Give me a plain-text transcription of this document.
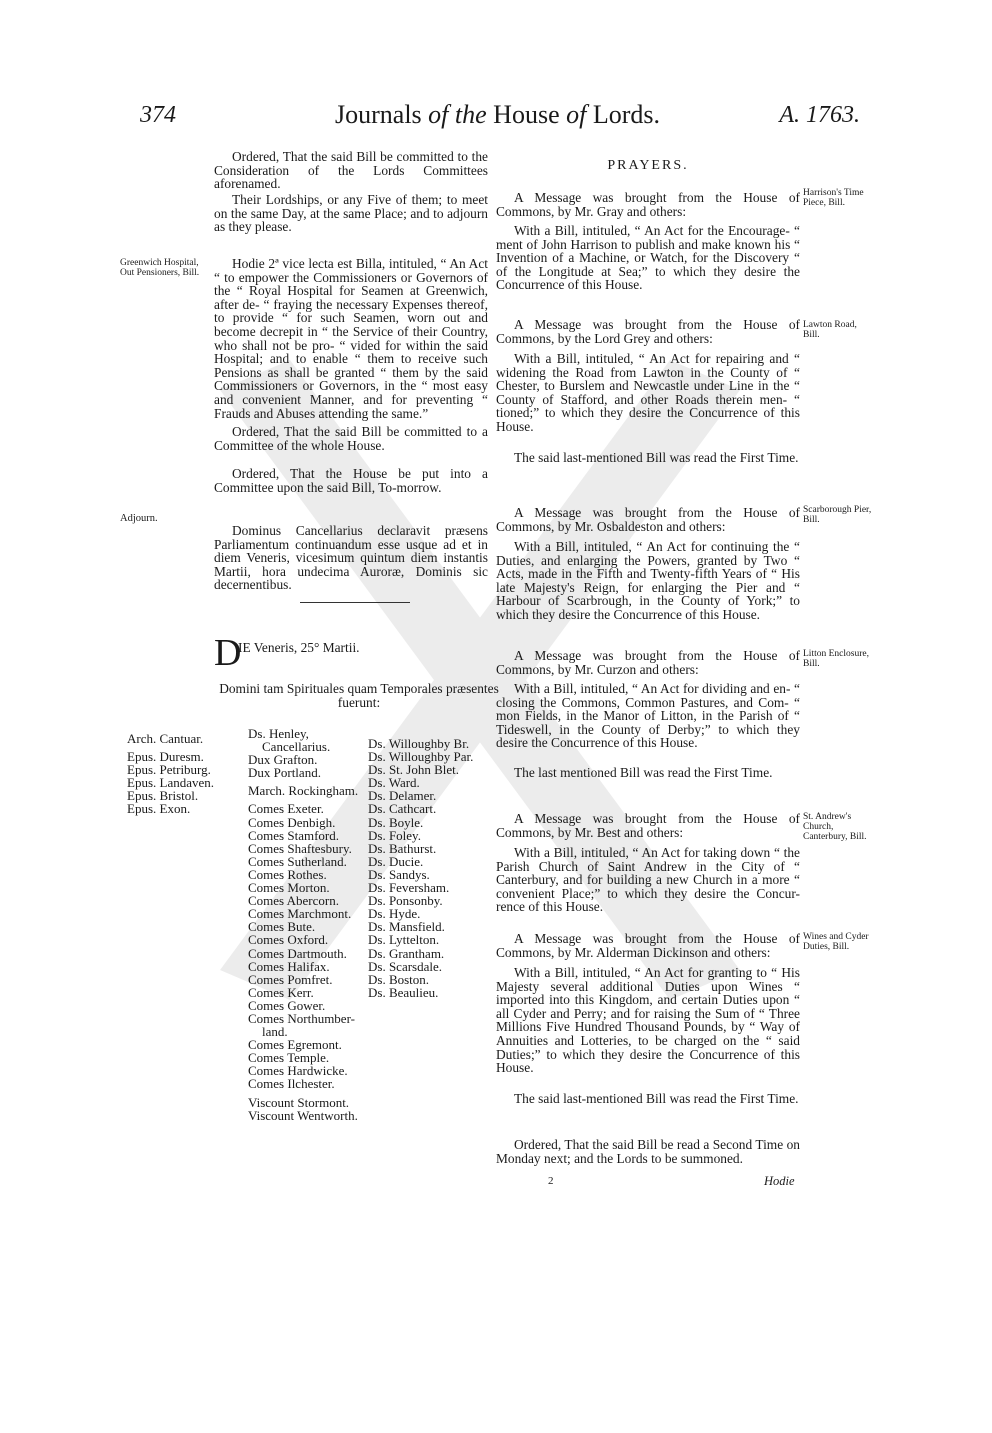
374	Journals of the House of Lords.	A. 1763.

Ordered, That the said Bill be committed to the Consideration of the Lords Committees aforenamed.

Their Lordships, or any Five of them; to meet on the same Day, at the same Place; and to adjourn as they please.

Greenwich Hospital, Out Pensioners, Bill.

Hodie 2ª vice lecta est Billa, intituled, “ An Act “ to empower the Commissioners or Governors of the “ Royal Hospital for Seamen at Greenwich, after de- “ fraying the necessary Expenses thereof, to provide “ for such Seamen, worn out and become decrepit in “ the Service of their Country, who shall not be pro- “ vided for within the said Hospital; and to enable “ them to receive such Pensions as shall be granted “ them by the said Commissioners or Governors, in the “ most easy and convenient Manner, and for preventing “ Frauds and Abuses attending the same.”

Ordered, That the said Bill be committed to a Committee of the whole House.

Ordered, That the House be put into a Committee upon the said Bill, To-morrow.

Adjourn.

Dominus Cancellarius declaravit præsens Parliamentum continuandum esse usque ad et in diem Veneris, vicesimum quintum diem instantis Martii, hora undecima Auroræ, Dominis sic decernentibus.

D
IE Veneris, 25° Martii.

Domini tam Spirituales quam Temporales præsentes fuerunt:

Arch. Cantuar.
Epus. Duresm.
Epus. Petriburg.
Epus. Landaven.
Epus. Bristol.
Epus. Exon.
Ds. Henley,
Cancellarius.
Dux Grafton.
Dux Portland.
March. Rockingham.
Comes Exeter.
Comes Denbigh.
Comes Stamford.
Comes Shaftesbury.
Comes Sutherland.
Comes Rothes.
Comes Morton.
Comes Abercorn.
Comes Marchmont.
Comes Bute.
Comes Oxford.
Comes Dartmouth.
Comes Halifax.
Comes Pomfret.
Comes Kerr.
Comes Gower.
Comes Northumber-
land.
Comes Egremont.
Comes Temple.
Comes Hardwicke.
Comes Ilchester.
Viscount Stormont.
Viscount Wentworth.
Ds. Willoughby Br.
Ds. Willoughby Par.
Ds. St. John Blet.
Ds. Ward.
Ds. Delamer.
Ds. Cathcart.
Ds. Boyle.
Ds. Foley.
Ds. Bathurst.
Ds. Ducie.
Ds. Sandys.
Ds. Feversham.
Ds. Ponsonby.
Ds. Hyde.
Ds. Mansfield.
Ds. Lyttelton.
Ds. Grantham.
Ds. Scarsdale.
Ds. Boston.
Ds. Beaulieu.
PRAYERS.

A Message was brought from the House of Commons, by Mr. Gray and others:

Harrison's Time Piece, Bill.

With a Bill, intituled, “ An Act for the Encourage- “ ment of John Harrison to publish and make known his “ Invention of a Machine, or Watch, for the Discovery “ of the Longitude at Sea;” to which they desire the Concurrence of this House.

A Message was brought from the House of Commons, by the Lord Grey and others:

Lawton Road, Bill.

With a Bill, intituled, “ An Act for repairing and “ widening the Road from Lawton in the County of “ Chester, to Burslem and Newcastle under Line in the “ County of Stafford, and other Roads therein men- “ tioned;” to which they desire the Concurrence of this House.

The said last-mentioned Bill was read the First Time.

A Message was brought from the House of Commons, by Mr. Osbaldeston and others:

Scarborough Pier, Bill.

With a Bill, intituled, “ An Act for continuing the “ Duties, and enlarging the Powers, granted by Two “ Acts, made in the Fifth and Twenty-fifth Years of “ His late Majesty's Reign, for enlarging the Pier and “ Harbour of Scarbrough, in the County of York;” to which they desire the Concurrence of this House.

A Message was brought from the House of Commons, by Mr. Curzon and others:

Litton Enclosure, Bill.

With a Bill, intituled, “ An Act for dividing and en- “ closing the Commons, Common Pastures, and Com- “ mon Fields, in the Manor of Litton, in the Parish of “ Tideswell, in the County of Derby;” to which they desire the Concurrence of this House.

The last mentioned Bill was read the First Time.

A Message was brought from the House of Commons, by Mr. Best and others:

St. Andrew's Church, Canterbury, Bill.

With a Bill, intituled, “ An Act for taking down “ the Parish Church of Saint Andrew in the City of “ Canterbury, and for building a new Church in a more “ convenient Place;” to which they desire the Concur- rence of this House.

A Message was brought from the House of Commons, by Mr. Alderman Dickinson and others:

Wines and Cyder Duties, Bill.

With a Bill, intituled, “ An Act for granting to “ His Majesty several additional Duties upon Wines “ imported into this Kingdom, and certain Duties upon “ all Cyder and Perry; and for raising the Sum of “ Three Millions Five Hundred Thousand Pounds, by “ Way of Annuities and Lotteries, to be charged on the “ said Duties;” to which they desire the Concurrence of this House.

The said last-mentioned Bill was read the First Time.

Ordered, That the said Bill be read a Second Time on Monday next; and the Lords to be summoned.

2	Hodie
